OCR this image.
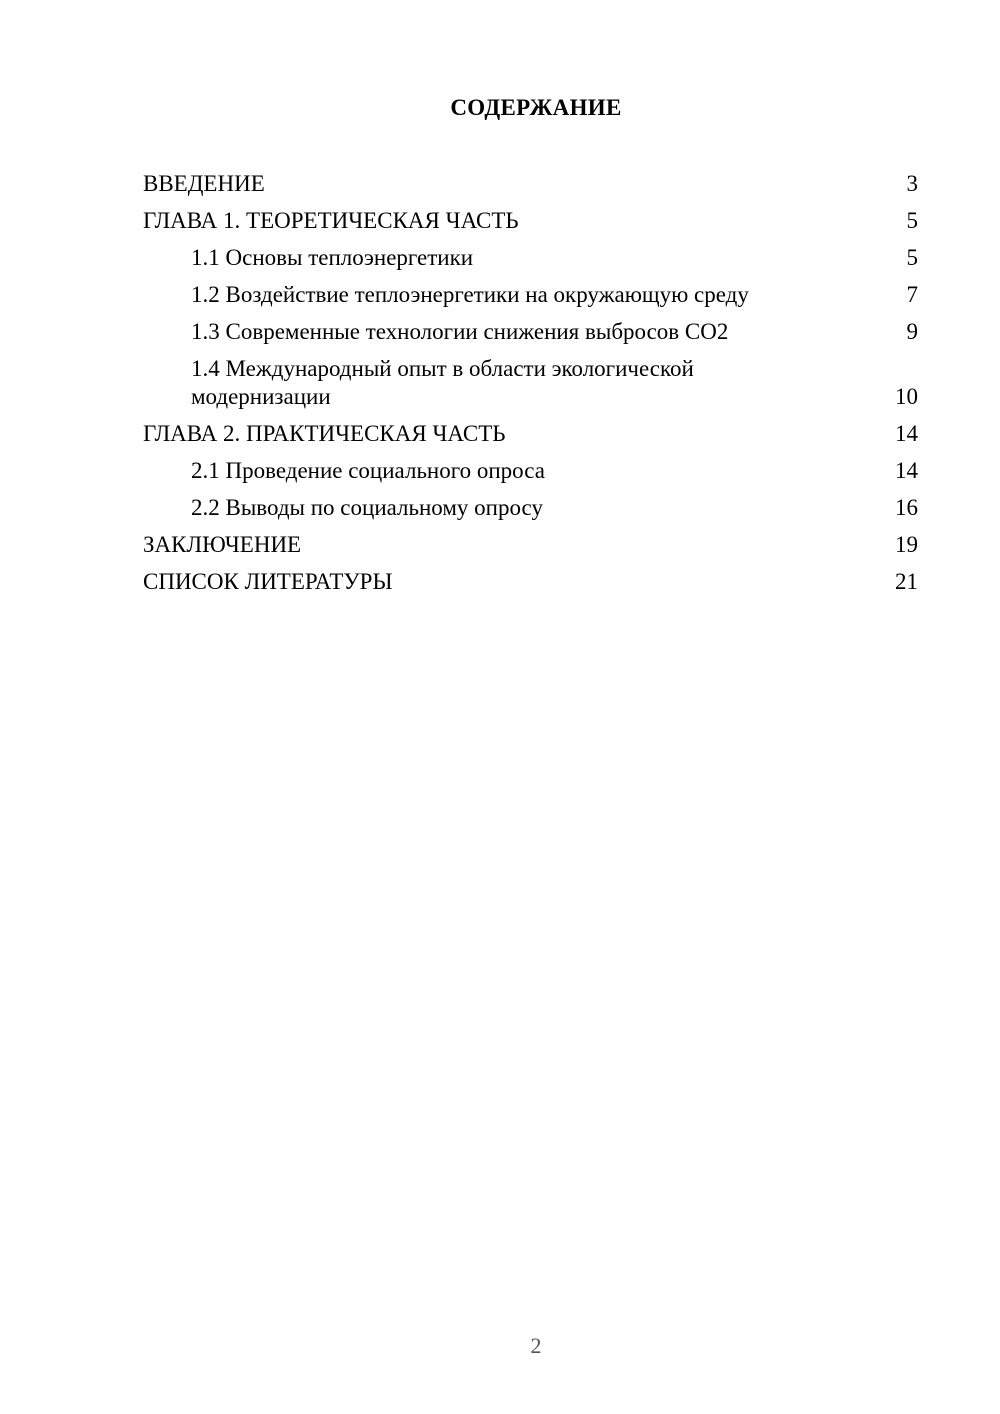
СОДЕРЖАНИЕ
ВВЕДЕНИЕ	3
ГЛАВА 1. ТЕОРЕТИЧЕСКАЯ ЧАСТЬ	5
1.1 Основы теплоэнергетики	5
1.2 Воздействие теплоэнергетики на окружающую среду	7
1.3 Современные технологии снижения выбросов CO2	9
1.4 Международный опыт в области экологической модернизации	10
ГЛАВА 2. ПРАКТИЧЕСКАЯ ЧАСТЬ	14
2.1 Проведение социального опроса	14
2.2 Выводы по социальному опросу	16
ЗАКЛЮЧЕНИЕ	19
СПИСОК ЛИТЕРАТУРЫ	21
2
